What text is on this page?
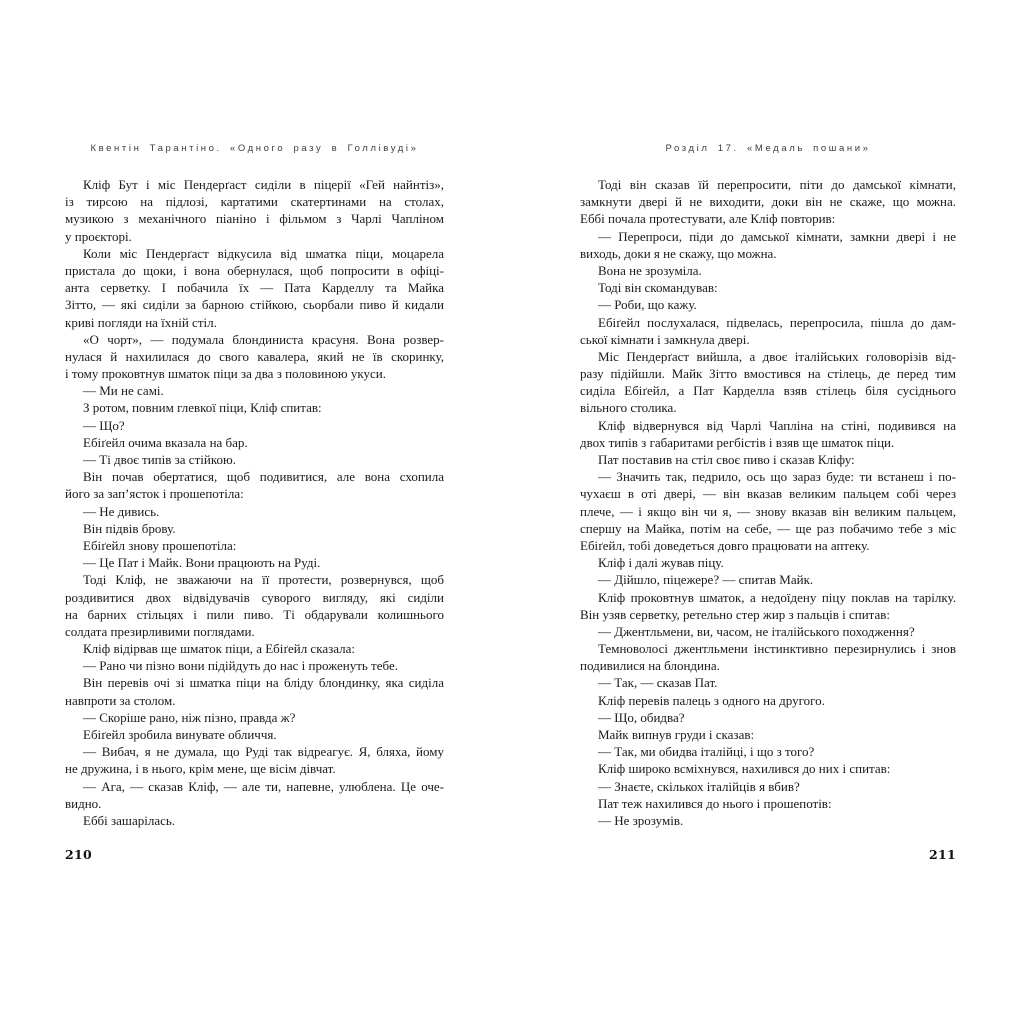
Квентін Тарантіно. «Одного разу в Голлівуді»
Кліф Бут і міс Пендерґаст сиділи в піцерії «Гей найнтіз»,
із тирсою на підлозі, картатими скатертинами на столах,
музикою з механічного піаніно і фільмом з Чарлі Чапліном
у проєкторі.
Коли міс Пендерґаст відкусила від шматка піци, моцарела
пристала до щоки, і вона обернулася, щоб попросити в офіці-
анта серветку. І побачила їх — Пата Карделлу та Майка
Зітто, — які сиділи за барною стійкою, сьорбали пиво й кидали
криві погляди на їхній стіл.
«О чорт», — подумала блондиниста красуня. Вона розвер-
нулася й нахилилася до свого кавалера, який не їв скоринку,
і тому проковтнув шматок піци за два з половиною укуси.
— Ми не самі.
З ротом, повним глевкої піци, Кліф спитав:
— Що?
Ебіґейл очима вказала на бар.
— Ті двоє типів за стійкою.
Він почав обертатися, щоб подивитися, але вона схопила
його за зап’ясток і прошепотіла:
— Не дивись.
Він підвів брову.
Ебіґейл знову прошепотіла:
— Це Пат і Майк. Вони працюють на Руді.
Тоді Кліф, не зважаючи на її протести, розвернувся, щоб
роздивитися двох відвідувачів суворого вигляду, які сиділи
на барних стільцях і пили пиво. Ті обдарували колишнього
солдата презирливими поглядами.
Кліф відірвав ще шматок піци, а Ебіґейл сказала:
— Рано чи пізно вони підійдуть до нас і проженуть тебе.
Він перевів очі зі шматка піци на бліду блондинку, яка сиділа
навпроти за столом.
— Скоріше рано, ніж пізно, правда ж?
Ебіґейл зробила винувате обличчя.
— Вибач, я не думала, що Руді так відреагує. Я, бляха, йому
не дружина, і в нього, крім мене, ще вісім дівчат.
— Ага, — сказав Кліф, — але ти, напевне, улюблена. Це оче-
видно.
Еббі зашарілась.
210
Розділ 17. «Медаль пошани»
Тоді він сказав їй перепросити, піти до дамської кімнати,
замкнути двері й не виходити, доки він не скаже, що можна.
Еббі почала протестувати, але Кліф повторив:
— Перепроси, піди до дамської кімнати, замкни двері і не
виходь, доки я не скажу, що можна.
Вона не зрозуміла.
Тоді він скомандував:
— Роби, що кажу.
Ебіґейл послухалася, підвелась, перепросила, пішла до дам-
ської кімнати і замкнула двері.
Міс Пендерґаст вийшла, а двоє італійських головорізів від-
разу підійшли. Майк Зітто вмостився на стілець, де перед тим
сиділа Ебіґейл, а Пат Карделла взяв стілець біля сусіднього
вільного столика.
Кліф відвернувся від Чарлі Чапліна на стіні, подивився на
двох типів з габаритами регбістів і взяв ще шматок піци.
Пат поставив на стіл своє пиво і сказав Кліфу:
— Значить так, педрило, ось що зараз буде: ти встанеш і по-
чухаєш в оті двері, — він вказав великим пальцем собі через
плече, — і якщо він чи я, — знову вказав він великим пальцем,
спершу на Майка, потім на себе, — ще раз побачимо тебе з міс
Ебіґейл, тобі доведеться довго працювати на аптеку.
Кліф і далі жував піцу.
— Дійшло, піцежере? — спитав Майк.
Кліф проковтнув шматок, а недоїдену піцу поклав на тарілку.
Він узяв серветку, ретельно стер жир з пальців і спитав:
— Джентльмени, ви, часом, не італійського походження?
Темноволосі джентльмени інстинктивно перезирнулись і знов
подивилися на блондина.
— Так, — сказав Пат.
Кліф перевів палець з одного на другого.
— Що, обидва?
Майк випнув груди і сказав:
— Так, ми обидва італійці, і що з того?
Кліф широко всміхнувся, нахилився до них і спитав:
— Знаєте, скількох італійців я вбив?
Пат теж нахилився до нього і прошепотів:
— Не зрозумів.
211
